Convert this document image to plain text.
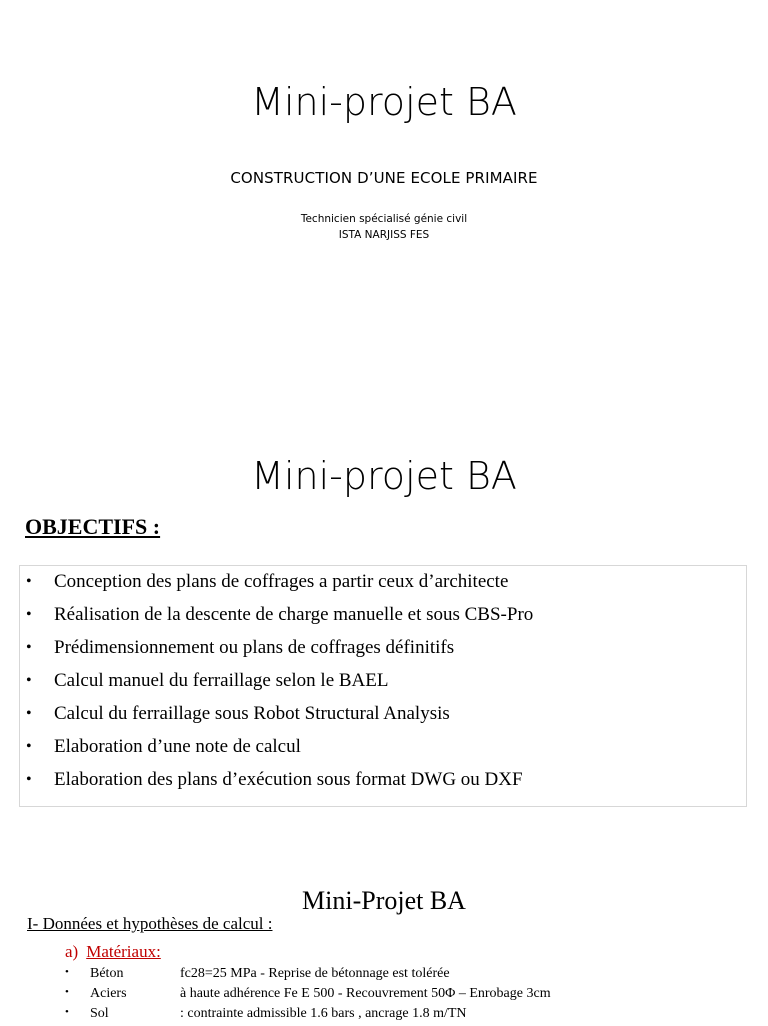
Mini-projet BA
CONSTRUCTION D’UNE ECOLE PRIMAIRE
Technicien spécialisé génie civil
ISTA NARJISS FES
Mini-projet BA
OBJECTIFS :
• Conception des plans de coffrages a partir ceux d’architecte
• Réalisation de la descente de charge manuelle et sous CBS-Pro
• Prédimensionnement ou plans de coffrages définitifs
• Calcul manuel du ferraillage selon le BAEL
• Calcul du ferraillage sous Robot Structural Analysis
• Elaboration d’une note de calcul
• Elaboration des plans d’exécution sous format DWG ou DXF
Mini-Projet BA
I- Données et hypothèses de calcul :
a) Matériaux:
• Béton	fc28=25 MPa - Reprise de bétonnage est tolérée
• Aciers	à haute adhérence Fe E 500 - Recouvrement 50Φ – Enrobage 3cm
• Sol	: contrainte admissible 1.6 bars , ancrage 1.8 m/TN
